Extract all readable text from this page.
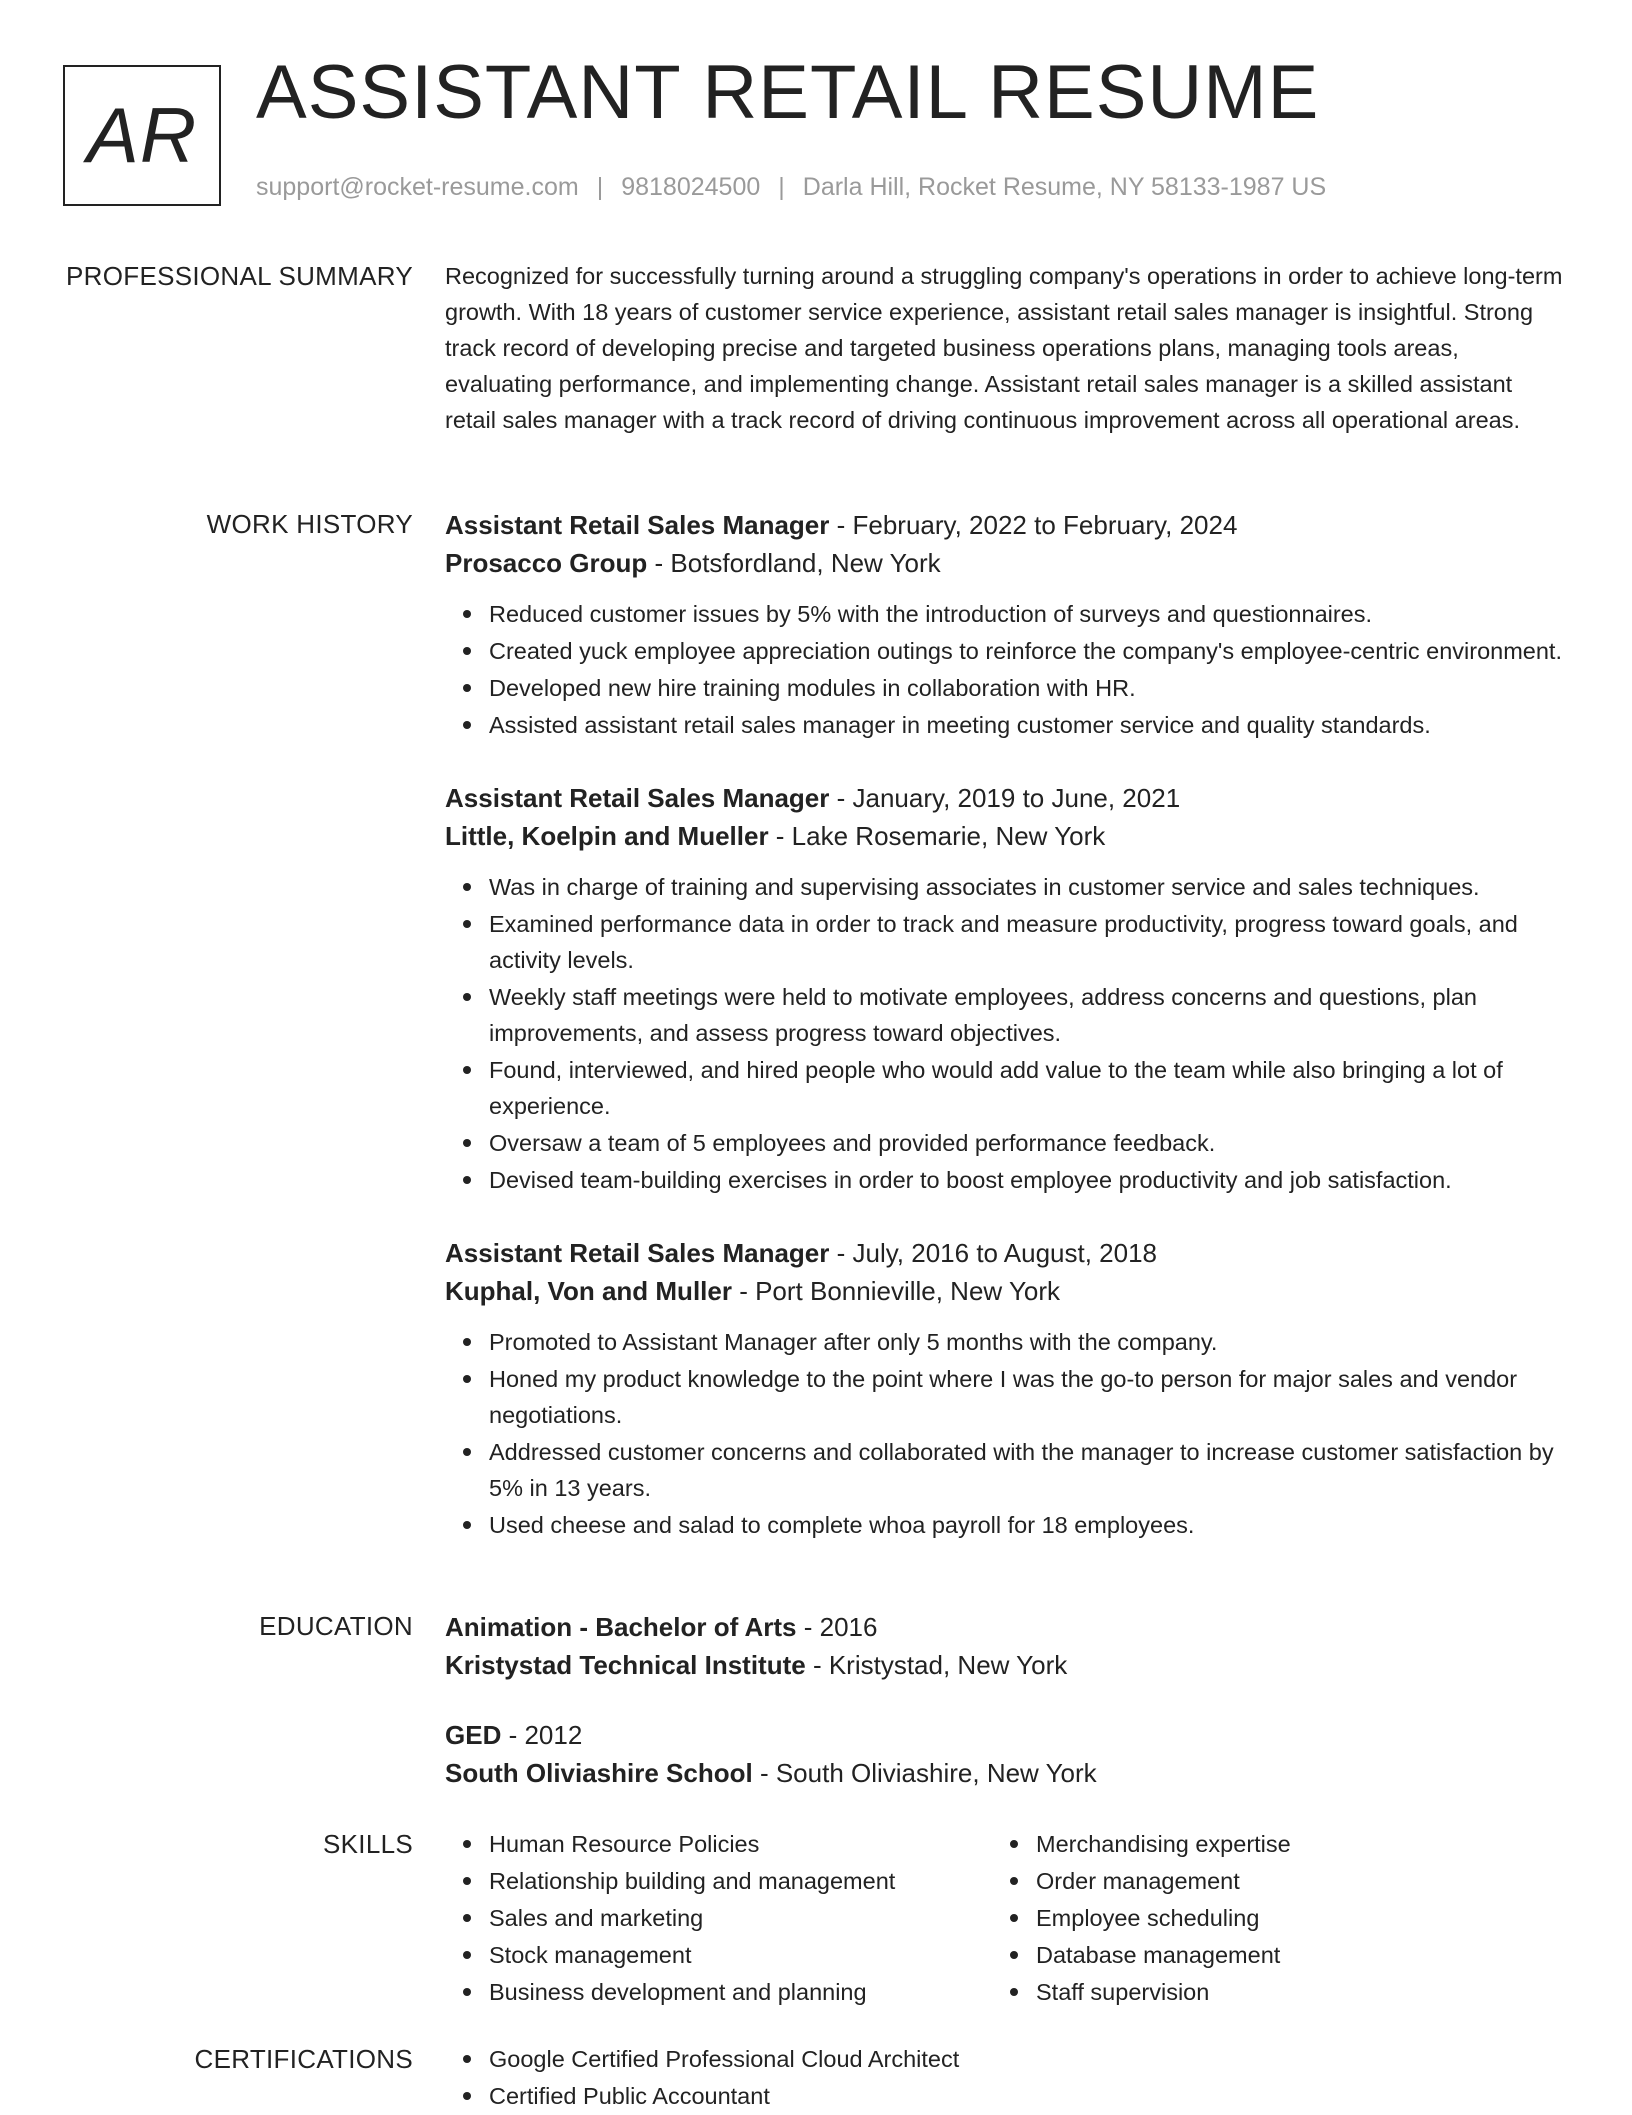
AR ASSISTANT RETAIL RESUME
support@rocket-resume.com | 9818024500 | Darla Hill, Rocket Resume, NY 58133-1987 US
PROFESSIONAL SUMMARY Recognized for successfully turning around a struggling company's operations in order to achieve long-term growth. With 18 years of customer service experience, assistant retail sales manager is insightful. Strong track record of developing precise and targeted business operations plans, managing tools areas, evaluating performance, and implementing change. Assistant retail sales manager is a skilled assistant retail sales manager with a track record of driving continuous improvement across all operational areas.

WORK HISTORY Assistant Retail Sales Manager - February, 2022 to February, 2024
Prosacco Group - Botsfordland, New York
Reduced customer issues by 5% with the introduction of surveys and questionnaires.
Created yuck employee appreciation outings to reinforce the company's employee-centric environment.
Developed new hire training modules in collaboration with HR.
Assisted assistant retail sales manager in meeting customer service and quality standards.
Assistant Retail Sales Manager - January, 2019 to June, 2021
Little, Koelpin and Mueller - Lake Rosemarie, New York
Was in charge of training and supervising associates in customer service and sales techniques.
Examined performance data in order to track and measure productivity, progress toward goals, and activity levels.
Weekly staff meetings were held to motivate employees, address concerns and questions, plan improvements, and assess progress toward objectives.
Found, interviewed, and hired people who would add value to the team while also bringing a lot of experience.
Oversaw a team of 5 employees and provided performance feedback.
Devised team-building exercises in order to boost employee productivity and job satisfaction.
Assistant Retail Sales Manager - July, 2016 to August, 2018
Kuphal, Von and Muller - Port Bonnieville, New York
Promoted to Assistant Manager after only 5 months with the company.
Honed my product knowledge to the point where I was the go-to person for major sales and vendor negotiations.
Addressed customer concerns and collaborated with the manager to increase customer satisfaction by 5% in 13 years.
Used cheese and salad to complete whoa payroll for 18 employees.
EDUCATION Animation - Bachelor of Arts - 2016
Kristystad Technical Institute - Kristystad, New York
GED - 2012
South Oliviashire School - South Oliviashire, New York
SKILLS	Human Resource Policies
Relationship building and management
Sales and marketing
Stock management
Business development and planning
Merchandising expertise
Order management
Employee scheduling
Database management
Staff supervision
CERTIFICATIONS	Google Certified Professional Cloud Architect
Certified Public Accountant
